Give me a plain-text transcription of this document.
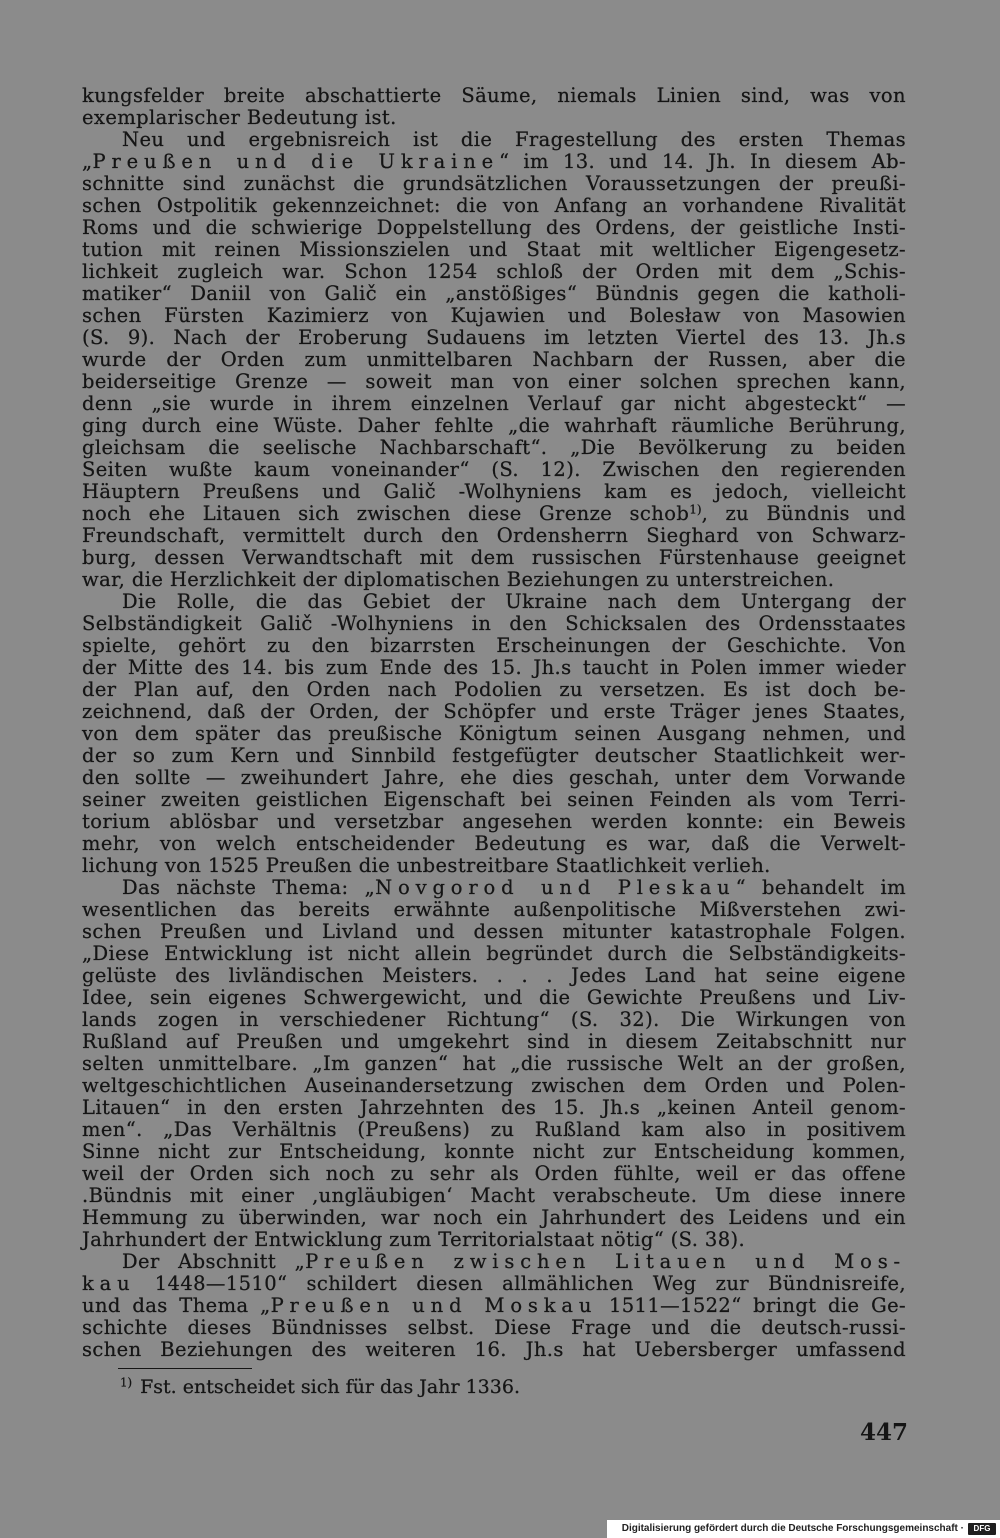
kungsfelder breite abschattierte Säume, niemals Linien sind, was von
exemplarischer Bedeutung ist.
Neu und ergebnisreich ist die Fragestellung des ersten Themas
„Preußen und die Ukraine“ im 13. und 14. Jh. In diesem Ab-
schnitte sind zunächst die grundsätzlichen Voraussetzungen der preußi-
schen Ostpolitik gekennzeichnet: die von Anfang an vorhandene Rivalität
Roms und die schwierige Doppelstellung des Ordens, der geistliche Insti-
tution mit reinen Missionszielen und Staat mit weltlicher Eigengesetz-
lichkeit zugleich war. Schon 1254 schloß der Orden mit dem „Schis-
matiker“ Daniil von Galič ein „anstößiges“ Bündnis gegen die katholi-
schen Fürsten Kazimierz von Kujawien und Bolesław von Masowien
(S. 9). Nach der Eroberung Sudauens im letzten Viertel des 13. Jh.s
wurde der Orden zum unmittelbaren Nachbarn der Russen, aber die
beiderseitige Grenze — soweit man von einer solchen sprechen kann,
denn „sie wurde in ihrem einzelnen Verlauf gar nicht abgesteckt“ —
ging durch eine Wüste. Daher fehlte „die wahrhaft räumliche Berührung,
gleichsam die seelische Nachbarschaft“. „Die Bevölkerung zu beiden
Seiten wußte kaum voneinander“ (S. 12). Zwischen den regierenden
Häuptern Preußens und Galič -Wolhyniens kam es jedoch, vielleicht
noch ehe Litauen sich zwischen diese Grenze schob$^{1)}$, zu Bündnis und
Freundschaft, vermittelt durch den Ordensherrn Sieghard von Schwarz-
burg, dessen Verwandtschaft mit dem russischen Fürstenhause geeignet
war, die Herzlichkeit der diplomatischen Beziehungen zu unterstreichen.
Die Rolle, die das Gebiet der Ukraine nach dem Untergang der
Selbständigkeit Galič -Wolhyniens in den Schicksalen des Ordensstaates
spielte, gehört zu den bizarrsten Erscheinungen der Geschichte. Von
der Mitte des 14. bis zum Ende des 15. Jh.s taucht in Polen immer wieder
der Plan auf, den Orden nach Podolien zu versetzen. Es ist doch be-
zeichnend, daß der Orden, der Schöpfer und erste Träger jenes Staates,
von dem später das preußische Königtum seinen Ausgang nehmen, und
der so zum Kern und Sinnbild festgefügter deutscher Staatlichkeit wer-
den sollte — zweihundert Jahre, ehe dies geschah, unter dem Vorwande
seiner zweiten geistlichen Eigenschaft bei seinen Feinden als vom Terri-
torium ablösbar und versetzbar angesehen werden konnte: ein Beweis
mehr, von welch entscheidender Bedeutung es war, daß die Verwelt-
lichung von 1525 Preußen die unbestreitbare Staatlichkeit verlieh.
Das nächste Thema: „Novgorod und Pleskau“ behandelt im
wesentlichen das bereits erwähnte außenpolitische Mißverstehen zwi-
schen Preußen und Livland und dessen mitunter katastrophale Folgen.
„Diese Entwicklung ist nicht allein begründet durch die Selbständigkeits-
gelüste des livländischen Meisters. . . . Jedes Land hat seine eigene
Idee, sein eigenes Schwergewicht, und die Gewichte Preußens und Liv-
lands zogen in verschiedener Richtung“ (S. 32). Die Wirkungen von
Rußland auf Preußen und umgekehrt sind in diesem Zeitabschnitt nur
selten unmittelbare. „Im ganzen“ hat „die russische Welt an der großen,
weltgeschichtlichen Auseinandersetzung zwischen dem Orden und Polen-
Litauen“ in den ersten Jahrzehnten des 15. Jh.s „keinen Anteil genom-
men“. „Das Verhältnis (Preußens) zu Rußland kam also in positivem
Sinne nicht zur Entscheidung, konnte nicht zur Entscheidung kommen,
weil der Orden sich noch zu sehr als Orden fühlte, weil er das offene
.Bündnis mit einer ‚ungläubigen‘ Macht verabscheute. Um diese innere
Hemmung zu überwinden, war noch ein Jahrhundert des Leidens und ein
Jahrhundert der Entwicklung zum Territorialstaat nötig“ (S. 38).
Der Abschnitt „Preußen zwischen Litauen und Mos-
kau 1448—1510“ schildert diesen allmählichen Weg zur Bündnisreife,
und das Thema „Preußen und Moskau 1511—1522“ bringt die Ge-
schichte dieses Bündnisses selbst. Diese Frage und die deutsch-russi-
schen Beziehungen des weiteren 16. Jh.s hat Uebersberger umfassend
$^{1)}$ Fst. entscheidet sich für das Jahr 1336.
447
Digitalisierung gefördert durch die Deutsche Forschungsgemeinschaft ·	DFG
